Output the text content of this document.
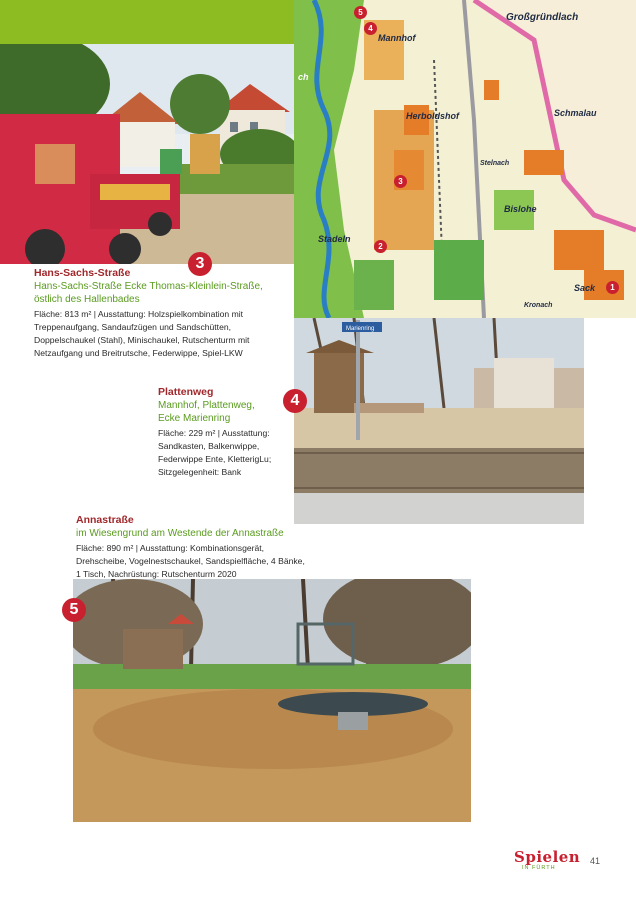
Großgründlach
Mannhof
Herboldshof	Schmalau
Stelnach
Bislohe
Stadeln
Sack
Kronach
ch
5
4
3
2
1
3
Hans-Sachs-Straße
Hans-Sachs-Straße Ecke Thomas-Kleinlein-Straße,
östlich des Hallenbades
Fläche: 813 m² | Ausstattung: Holzspielkombination mit Treppenaufgang, Sandaufzügen und Sandschütten, Doppelschaukel (Stahl), Minischaukel, Rutschenturm mit Netzaufgang und Breitrutsche, Federwippe, Spiel-LKW
Marienring
4
Plattenweg
Mannhof, Plattenweg,
Ecke Marienring
Fläche: 229 m² | Ausstattung: Sandkasten, Balkenwippe, Federwippe Ente, KletterigLu; Sitzgelegenheit: Bank
Annastraße
im Wiesengrund am Westende der Annastraße
Fläche: 890 m² | Ausstattung: Kombinationsgerät, Drehscheibe, Vogelnestschaukel, Sandspielfläche, 4 Bänke, 1 Tisch, Nachrüstung: Rutschenturm 2020
5
Spielen
IN FÜRTH
41
